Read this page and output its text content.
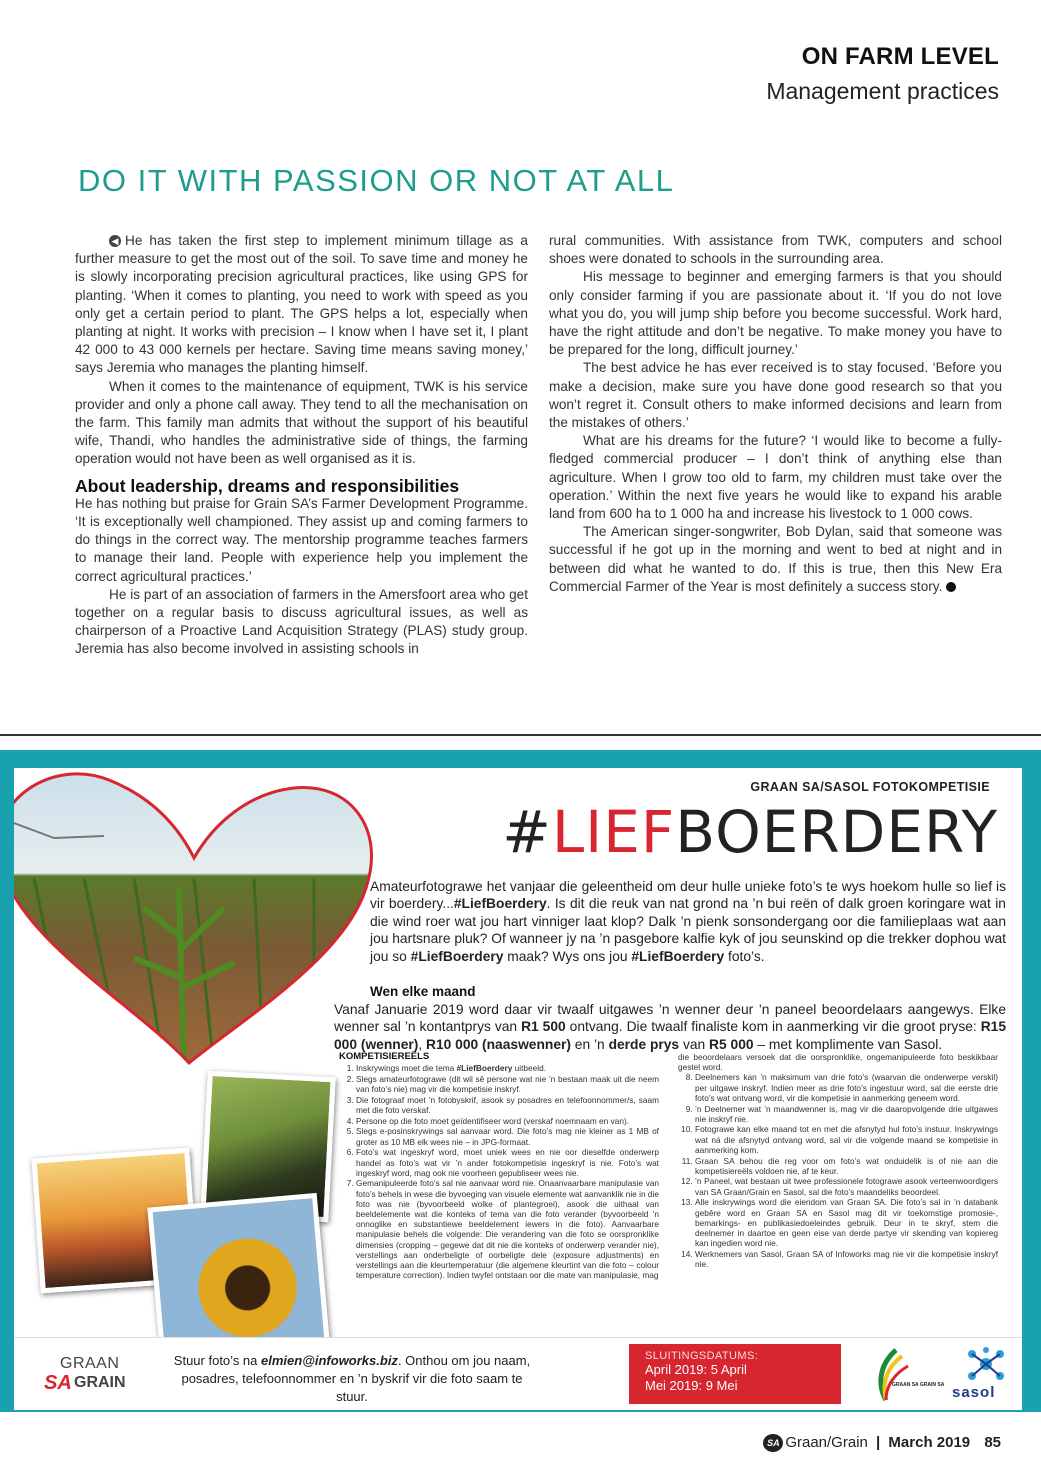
ON FARM LEVEL
Management practices
DO IT WITH PASSION OR NOT AT ALL

◀ He has taken the first step to implement minimum tillage as a further measure to get the most out of the soil. To save time and money he is slowly incorporating precision agricultural practices, like using GPS for planting. ‘When it comes to planting, you need to work with speed as you only get a certain period to plant. The GPS helps a lot, especially when planting at night. It works with precision – I know when I have set it, I plant 42 000 to 43 000 kernels per hectare. Saving time means saving money,’ says Jeremia who manages the planting himself.

When it comes to the maintenance of equipment, TWK is his service provider and only a phone call away. They tend to all the mechanisation on the farm. This family man admits that without the support of his beautiful wife, Thandi, who handles the administrative side of things, the farming operation would not have been as well organised as it is.

About leadership, dreams and responsibilities

He has nothing but praise for Grain SA’s Farmer Development Programme. ‘It is exceptionally well championed. They assist up and coming farmers to do things in the correct way. The mentorship programme teaches farmers to manage their land. People with experience help you implement the correct agricultural practices.’

He is part of an association of farmers in the Amersfoort area who get together on a regular basis to discuss agricultural issues, as well as chairperson of a Proactive Land Acquisition Strategy (PLAS) study group. Jeremia has also become involved in assisting schools in

rural communities. With assistance from TWK, computers and school shoes were donated to schools in the surrounding area.

His message to beginner and emerging farmers is that you should only consider farming if you are passionate about it. ‘If you do not love what you do, you will jump ship before you become successful. Work hard, have the right attitude and don’t be negative. To make money you have to be prepared for the long, difficult journey.’

The best advice he has ever received is to stay focused. ‘Before you make a decision, make sure you have done good research so that you won’t regret it. Consult others to make informed decisions and learn from the mistakes of others.’

What are his dreams for the future? ‘I would like to become a fully-fledged commercial producer – I don’t think of anything else than agriculture. When I grow too old to farm, my children must take over the operation.’ Within the next five years he would like to expand his arable land from 600 ha to 1 000 ha and increase his livestock to 1 000 cows.

The American singer-songwriter, Bob Dylan, said that someone was successful if he got up in the morning and went to bed at night and in between did what he wanted to do. If this is true, then this New Era Commercial Farmer of the Year is most definitely a success story.

GRAAN SA/SASOL FOTOKOMPETISIE
#LIEFBOERDERY
Amateurfotograwe het vanjaar die geleentheid om deur hulle unieke foto’s te wys hoekom hulle so lief is vir boerdery...#LiefBoerdery. Is dit die reuk van nat grond na ’n bui reën of dalk groen koringare wat in die wind roer wat jou hart vinniger laat klop? Dalk ’n pienk sonsondergang oor die familieplaas wat aan jou hartsnare pluk? Of wanneer jy na ’n pasgebore kalfie kyk of jou seunskind op die trekker dophou wat jou so #LiefBoerdery maak? Wys ons jou #LiefBoerdery foto’s.
Wen elke maand
Vanaf Januarie 2019 word daar vir twaalf uitgawes ’n wenner deur ’n paneel beoordelaars aangewys. Elke wenner sal ’n kontantprys van R1 500 ontvang. Die twaalf finaliste kom in aanmerking vir die groot pryse: R15 000 (wenner), R10 000 (naaswenner) en ’n derde prys van R5 000 – met komplimente van Sasol.
KOMPETISIEREËLS
1. Inskrywings moet die tema #LiefBoerdery uitbeeld.
2. Slegs amateurfotograwe (dit wil sê persone wat nie ’n bestaan maak uit die neem van foto’s nie) mag vir die kompetisie inskryf.
3. Die fotograaf moet ’n fotobyskrif, asook sy posadres en telefoonnommer/s, saam met die foto verskaf.
4. Persone op die foto moet geïdentifiseer word (verskaf noemnaam en van).
5. Slegs e-posinskrywings sal aanvaar word. Die foto’s mag nie kleiner as 1 MB of groter as 10 MB elk wees nie – in JPG-formaat.
6. Foto’s wat ingeskryf word, moet uniek wees en nie oor dieselfde onderwerp handel as foto’s wat vir ’n ander fotokompetisie ingeskryf is nie. Foto’s wat ingeskryf word, mag ook nie voorheen gepubliseer wees nie.
7. Gemanipuleerde foto’s sal nie aanvaar word nie. Onaanvaarbare manipulasie van foto’s behels in wese die byvoeging van visuele elemente wat aanvanklik nie in die foto was nie (byvoorbeeld wolke of plantegroei), asook die uithaal van beeldelemente wat die konteks of tema van die foto verander (byvoorbeeld ’n onnoglike en substantiewe beeldelement iewers in die foto). Aanvaarbare manipulasie behels die volgende: Die verandering van die foto se oorspronklike dimensies (cropping – gegewe dat dit nie die konteks of onderwerp verander nie), verstellings aan onderbeligte of oorbeligte dele (exposure adjustments) en verstellings aan die kleurtemperatuur (die algemene kleurtint van die foto – colour temperature correction). Indien twyfel ontstaan oor die mate van manipulasie, mag

die beoordelaars versoek dat die oorspronklike, ongemanipuleerde foto beskikbaar gestel word.

8. Deelnemers kan ’n maksimum van drie foto’s (waarvan die onderwerpe verskil) per uitgawe inskryf. Indien meer as drie foto’s ingestuur word, sal die eerste drie foto’s wat ontvang word, vir die kompetisie in aanmerking geneem word.
9. ’n Deelnemer wat ’n maandwenner is, mag vir die daaropvolgende drie uitgawes nie inskryf nie.
10. Fotograwe kan elke maand tot en met die afsnytyd hul foto’s instuur. Inskrywings wat ná die afsnytyd ontvang word, sal vir die volgende maand se kompetisie in aanmerking kom.
11. Graan SA behou die reg voor om foto’s wat onduidelik is of nie aan die kompetisiereëls voldoen nie, af te keur.
12. ’n Paneel, wat bestaan uit twee professionele fotograwe asook verteenwoordigers van SA Graan/Grain en Sasol, sal die foto’s maandeliks beoordeel.
13. Alle inskrywings word die eiendom van Graan SA. Die foto’s sal in ’n databank gebêre word en Graan SA en Sasol mag dit vir toekomstige promosie-, bemarkings- en publikasiedoeleindes gebruik. Deur in te skryf, stem die deelnemer in daartoe en geen eise van derde partye vir skending van kopiereg kan ingedien word nie.
14. Werknemers van Sasol, Graan SA of Infoworks mag nie vir die kompetisie inskryf nie.
GRAAN
SA GRAIN
Stuur foto’s na elmien@infoworks.biz. Onthou om jou naam, posadres, telefoonnommer en ’n byskrif vir die foto saam te stuur.
SLUITINGSDATUMS:
April 2019: 5 April
Mei 2019: 9 Mei	GRAAN SA GRAIN SA sasol
SA Graan/Grain | March 2019 85
